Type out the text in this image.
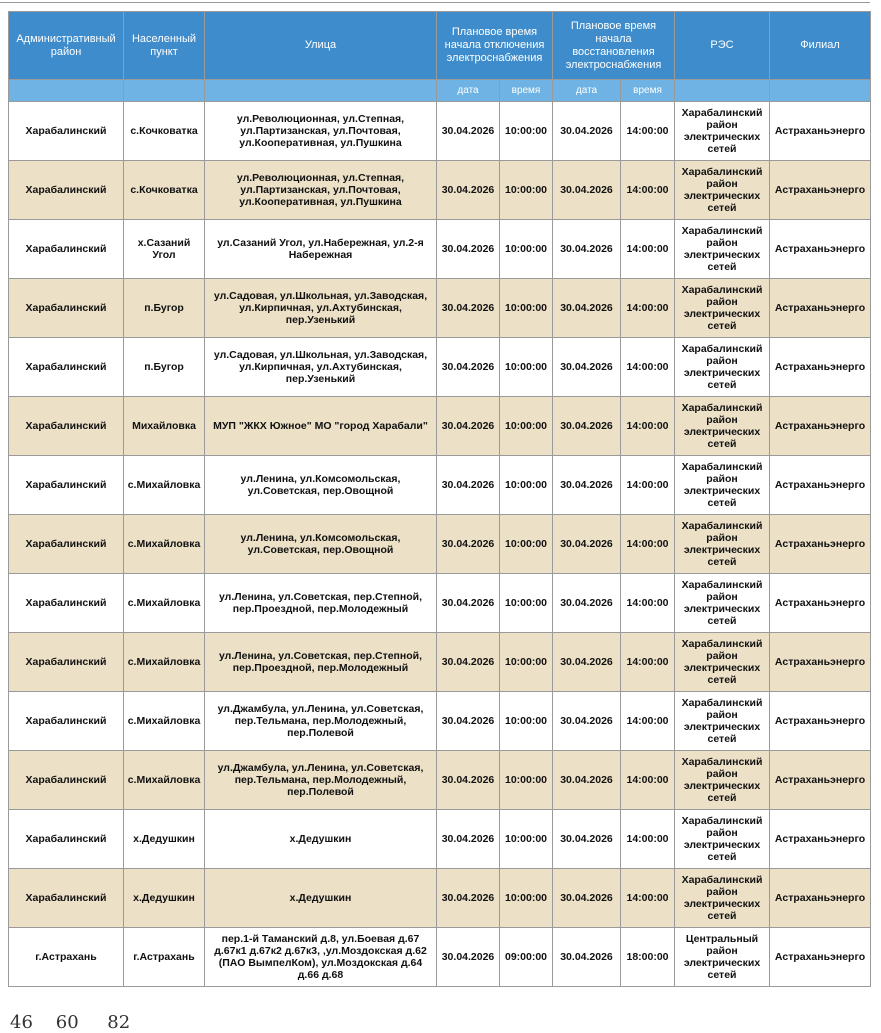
Административный район	Населенный пункт	Улица	Плановое время начала отключения электроснабжения		Плановое время начала восстановления электроснабжения		РЭС	Филиал
			дата	время	дата	время		
Харабалинский	с.Кочковатка	ул.Революционная, ул.Степная, ул.Партизанская, ул.Почтовая, ул.Кооперативная, ул.Пушкина	30.04.2026	10:00:00	30.04.2026	14:00:00	Харабалинский район электрических сетей	Астраханьэнерго
Харабалинский	с.Кочковатка	ул.Революционная, ул.Степная, ул.Партизанская, ул.Почтовая, ул.Кооперативная, ул.Пушкина	30.04.2026	10:00:00	30.04.2026	14:00:00	Харабалинский район электрических сетей	Астраханьэнерго
Харабалинский	х.Сазаний Угол	ул.Сазаний Угол, ул.Набережная, ул.2-я Набережная	30.04.2026	10:00:00	30.04.2026	14:00:00	Харабалинский район электрических сетей	Астраханьэнерго
Харабалинский	п.Бугор	ул.Садовая, ул.Школьная, ул.Заводская, ул.Кирпичная, ул.Ахтубинская, пер.Узенький	30.04.2026	10:00:00	30.04.2026	14:00:00	Харабалинский район электрических сетей	Астраханьэнерго
Харабалинский	п.Бугор	ул.Садовая, ул.Школьная, ул.Заводская, ул.Кирпичная, ул.Ахтубинская, пер.Узенький	30.04.2026	10:00:00	30.04.2026	14:00:00	Харабалинский район электрических сетей	Астраханьэнерго
Харабалинский	Михайловка	МУП "ЖКХ Южное" МО "город Харабали"	30.04.2026	10:00:00	30.04.2026	14:00:00	Харабалинский район электрических сетей	Астраханьэнерго
Харабалинский	с.Михайловка	ул.Ленина, ул.Комсомольская, ул.Советская, пер.Овощной	30.04.2026	10:00:00	30.04.2026	14:00:00	Харабалинский район электрических сетей	Астраханьэнерго
Харабалинский	с.Михайловка	ул.Ленина, ул.Комсомольская, ул.Советская, пер.Овощной	30.04.2026	10:00:00	30.04.2026	14:00:00	Харабалинский район электрических сетей	Астраханьэнерго
Харабалинский	с.Михайловка	ул.Ленина, ул.Советская, пер.Степной, пер.Проездной, пер.Молодежный	30.04.2026	10:00:00	30.04.2026	14:00:00	Харабалинский район электрических сетей	Астраханьэнерго
Харабалинский	с.Михайловка	ул.Ленина, ул.Советская, пер.Степной, пер.Проездной, пер.Молодежный	30.04.2026	10:00:00	30.04.2026	14:00:00	Харабалинский район электрических сетей	Астраханьэнерго
Харабалинский	с.Михайловка	ул.Джамбула, ул.Ленина, ул.Советская, пер.Тельмана, пер.Молодежный, пер.Полевой	30.04.2026	10:00:00	30.04.2026	14:00:00	Харабалинский район электрических сетей	Астраханьэнерго
Харабалинский	с.Михайловка	ул.Джамбула, ул.Ленина, ул.Советская, пер.Тельмана, пер.Молодежный, пер.Полевой	30.04.2026	10:00:00	30.04.2026	14:00:00	Харабалинский район электрических сетей	Астраханьэнерго
Харабалинский	х.Дедушкин	х.Дедушкин	30.04.2026	10:00:00	30.04.2026	14:00:00	Харабалинский район электрических сетей	Астраханьэнерго
Харабалинский	х.Дедушкин	х.Дедушкин	30.04.2026	10:00:00	30.04.2026	14:00:00	Харабалинский район электрических сетей	Астраханьэнерго
г.Астрахань	г.Астрахань	пер.1-й Таманский д.8, ул.Боевая д.67 д.67к1 д.67к2 д.67к3, ,ул.Моздокская д.62 (ПАО ВымпелКом), ул.Моздокская д.64 д.66 д.68	30.04.2026	09:00:00	30.04.2026	18:00:00	Центральный район электрических сетей	Астраханьэнерго
46    60     82
